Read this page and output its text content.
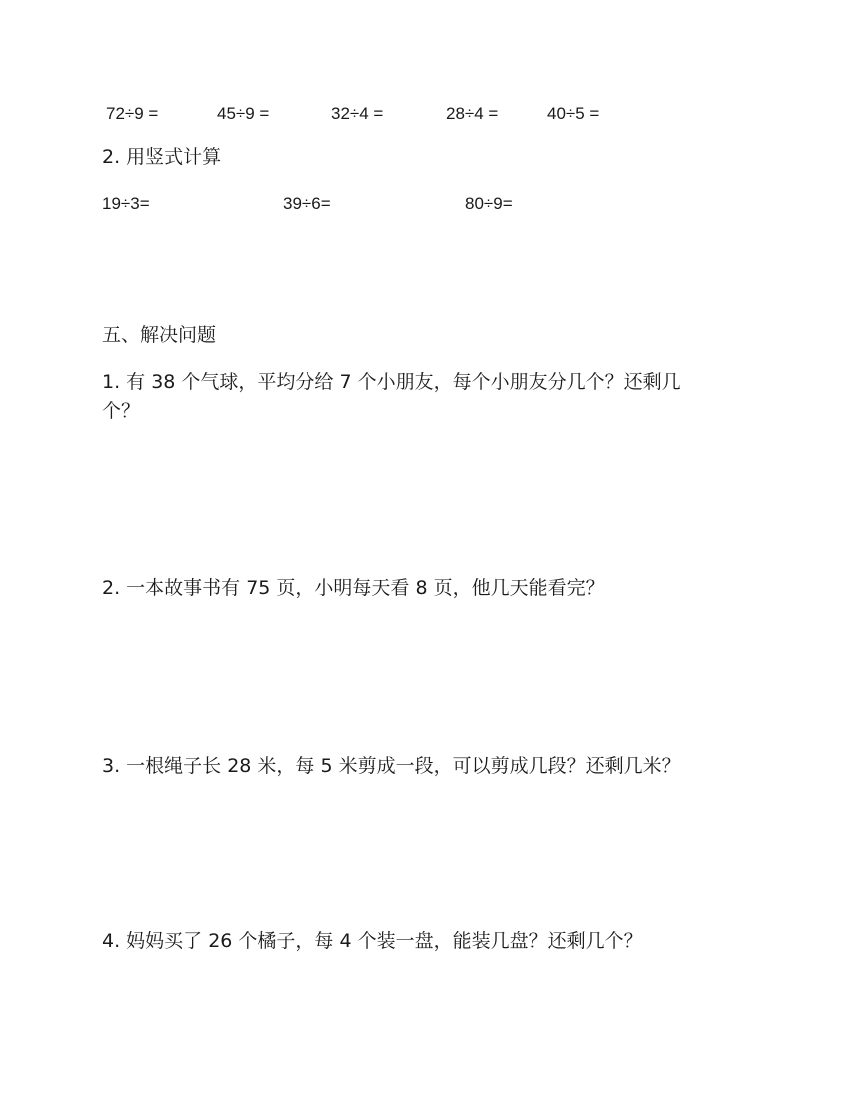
72÷9 =	45÷9 =	32÷4 =	28÷4 =	40÷5 =
2. 用竖式计算
19÷3=	39÷6=	80÷9=
五、解决问题
1. 有 38 个气球，平均分给 7 个小朋友，每个小朋友分几个？还剩几
个？
2. 一本故事书有 75 页，小明每天看 8 页，他几天能看完？
3. 一根绳子长 28 米，每 5 米剪成一段，可以剪成几段？还剩几米？
4. 妈妈买了 26 个橘子，每 4 个装一盘，能装几盘？还剩几个？
